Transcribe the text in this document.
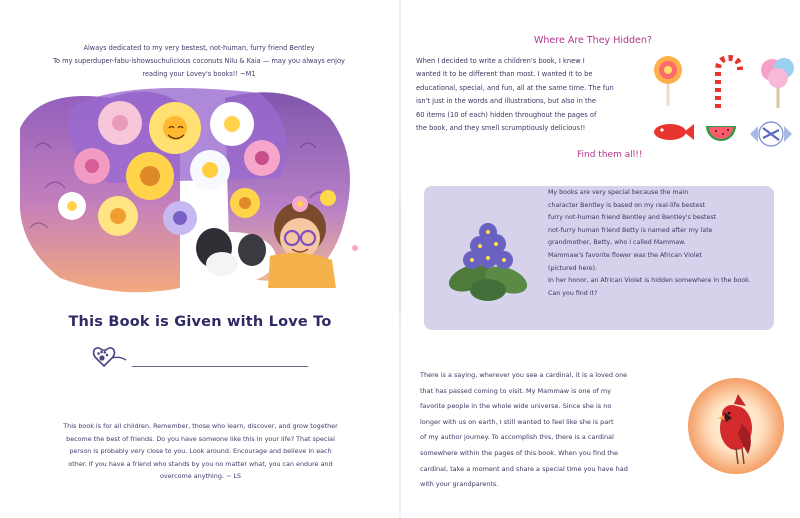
Always dedicated to my very bestest, not-human, furry friend Bentley
To my superduper-fabu-ishowsuchulicious coconuts Nilu & Kaia — may you always enjoy
reading your Lovey's books!! ~M1
This Book is Given with Love To
This book is for all children. Remember, those who learn, discover, and grow together
become the best of friends. Do you have someone like this in your life? That special
person is probably very close to you. Look around. Encourage and believe in each
other. If you have a friend who stands by you no matter what, you can endure and
overcome anything. ~ LS
Where Are They Hidden?
When I decided to write a children's book, I knew I
wanted it to be different than most. I wanted it to be
educational, special, and fun, all at the same time. The fun
isn't just in the words and illustrations, but also in the
60 items (10 of each) hidden throughout the pages of
the book, and they smell scrumptiously delicious!!
Find them all!!
My books are very special because the main
character Bentley is based on my real-life bestest
furry not-human friend Bentley and Bentley's bestest
not-furry human friend Betty is named after my late
grandmother, Betty, who I called Mammaw.
Mammaw's favorite flower was the African Violet
(pictured here).
In her honor, an African Violet is hidden somewhere in the book.
Can you find it?
There is a saying, wherever you see a cardinal, it is a loved one
that has passed coming to visit. My Mammaw is one of my
favorite people in the whole wide universe. Since she is no
longer with us on earth, I still wanted to feel like she is part
of my author journey. To accomplish this, there is a cardinal
somewhere within the pages of this book. When you find the
cardinal, take a moment and share a special time you have had
with your grandparents.
